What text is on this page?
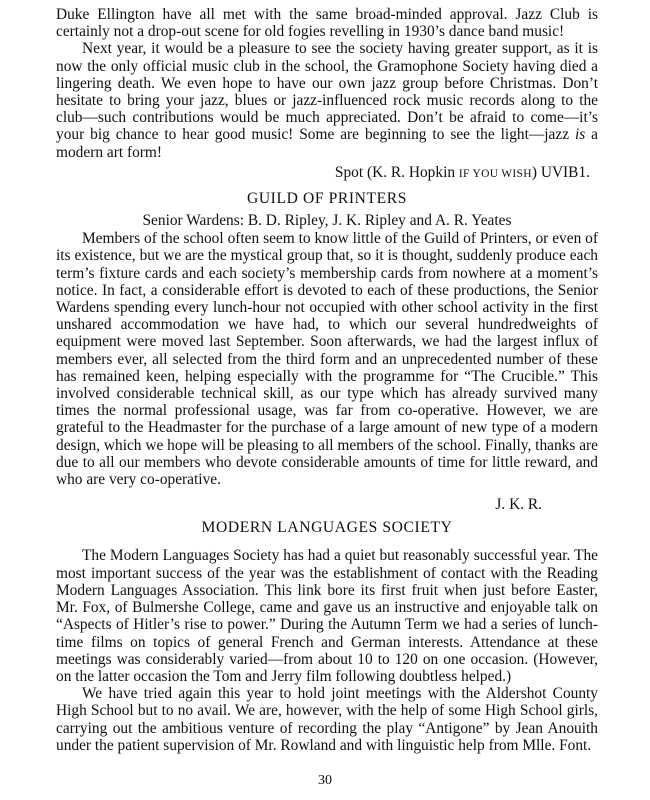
Duke Ellington have all met with the same broad-minded approval. Jazz Club is certainly not a drop-out scene for old fogies revelling in 1930’s dance band music!

Next year, it would be a pleasure to see the society having greater support, as it is now the only official music club in the school, the Gramophone Society having died a lingering death. We even hope to have our own jazz group before Christmas. Don’t hesitate to bring your jazz, blues or jazz-influenced rock music records along to the club—such contributions would be much appreciated. Don’t be afraid to come—it’s your big chance to hear good music! Some are beginning to see the light—jazz is a modern art form!

Spot (K. R. Hopkin IF YOU WISH) UVIB1.

GUILD OF PRINTERS
Senior Wardens: B. D. Ripley, J. K. Ripley and A. R. Yeates

Members of the school often seem to know little of the Guild of Printers, or even of its existence, but we are the mystical group that, so it is thought, suddenly produce each term’s fixture cards and each society’s membership cards from nowhere at a moment’s notice. In fact, a considerable effort is devoted to each of these productions, the Senior Wardens spending every lunch-hour not occupied with other school activity in the first unshared accommodation we have had, to which our several hundredweights of equipment were moved last September. Soon afterwards, we had the largest influx of members ever, all selected from the third form and an unprecedented number of these has remained keen, helping especially with the programme for “The Crucible.” This involved considerable technical skill, as our type which has already survived many times the normal professional usage, was far from co-operative. However, we are grateful to the Headmaster for the purchase of a large amount of new type of a modern design, which we hope will be pleasing to all members of the school. Finally, thanks are due to all our members who devote considerable amounts of time for little reward, and who are very co-operative.

J. K. R.

MODERN LANGUAGES SOCIETY

The Modern Languages Society has had a quiet but reasonably successful year. The most important success of the year was the establishment of contact with the Reading Modern Languages Association. This link bore its first fruit when just before Easter, Mr. Fox, of Bulmershe College, came and gave us an instructive and enjoyable talk on “Aspects of Hitler’s rise to power.” During the Autumn Term we had a series of lunch-time films on topics of general French and German interests. Attendance at these meetings was considerably varied—from about 10 to 120 on one occasion. (However, on the latter occasion the Tom and Jerry film following doubtless helped.)

We have tried again this year to hold joint meetings with the Aldershot County High School but to no avail. We are, however, with the help of some High School girls, carrying out the ambitious venture of recording the play “Antigone” by Jean Anouith under the patient supervision of Mr. Rowland and with linguistic help from Mlle. Font.

30
